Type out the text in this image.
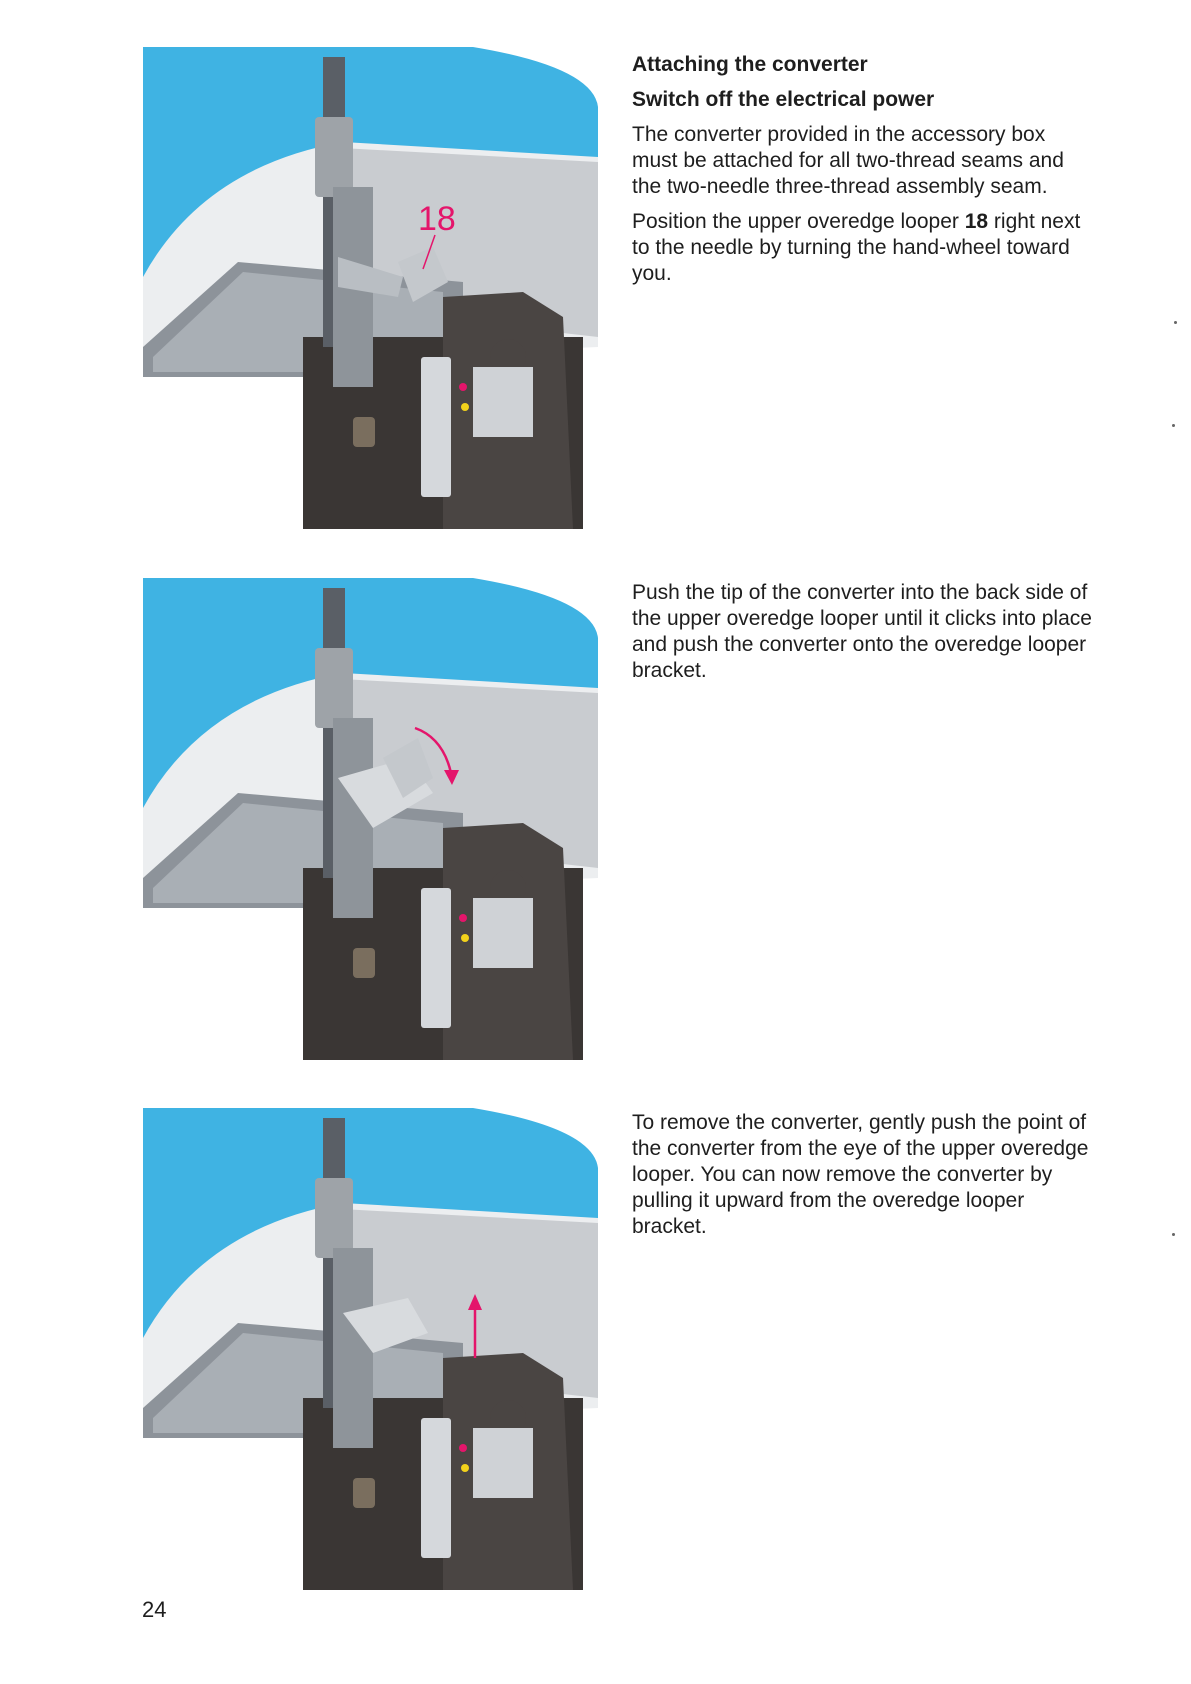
18
Attaching the converter
Switch off the electrical power

The converter provided in the accessory box must be attached for all two-thread seams and the two-needle three-thread assembly seam.

Position the upper overedge looper 18 right next to the needle by turning the hand-wheel toward you.

Push the tip of the converter into the back side of the upper overedge looper until it clicks into place and push the converter onto the overedge looper bracket.

To remove the converter, gently push the point of the converter from the eye of the upper overedge looper. You can now remove the converter by pulling it upward from the overedge looper bracket.

24
